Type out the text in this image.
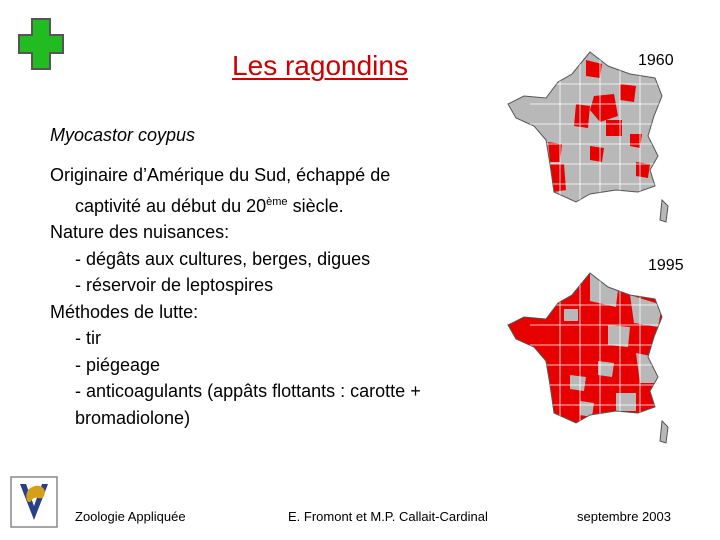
Les ragondins
Myocastor coypus
Originaire d’Amérique du Sud, échappé de
captivité au début du 20ème siècle.
Nature des nuisances:
- dégâts aux cultures, berges, digues
- réservoir de leptospires
Méthodes de lutte:
- tir
- piégeage
- anticoagulants (appâts flottants : carotte +
bromadiolone)
1960
1995
Zoologie Appliquée	E. Fromont et M.P. Callait-Cardinal	septembre 2003
